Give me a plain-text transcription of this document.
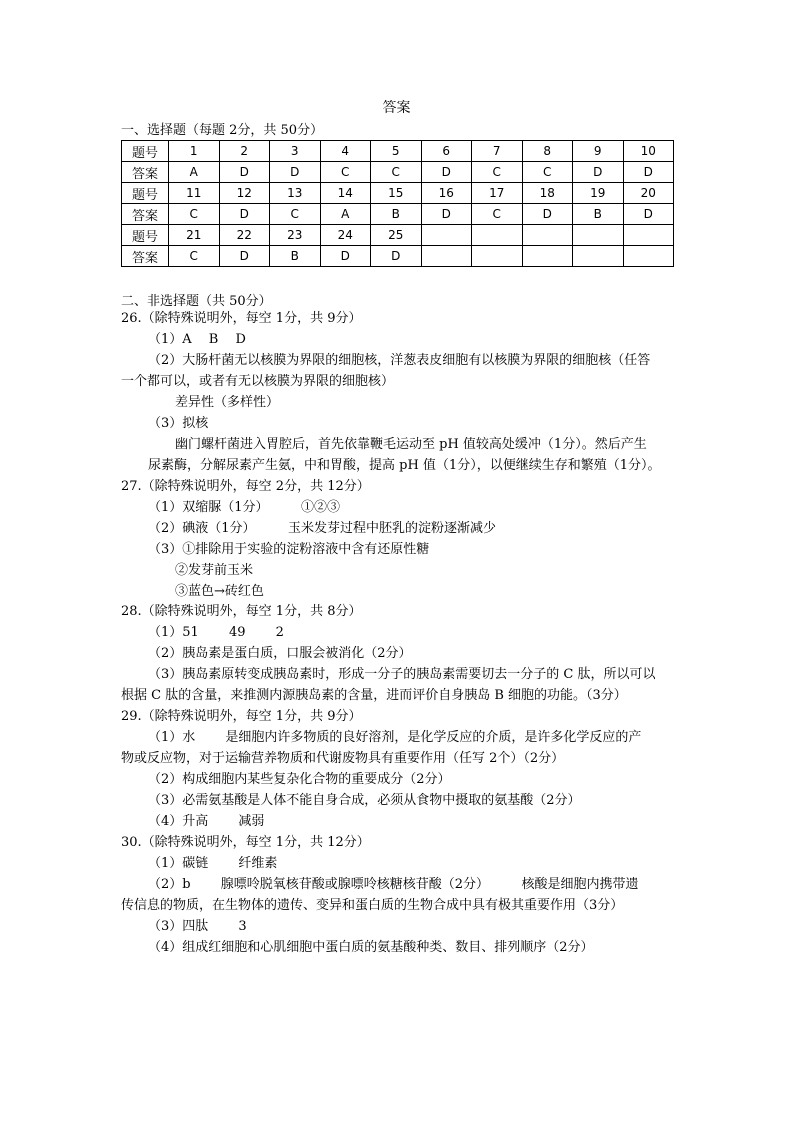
答案
一、选择题（每题 2分，共 50分）
题号	1	2	3	4	5	6	7	8	9	10
答案	A	D	D	C	C	D	C	C	D	D
题号	11	12	13	14	15	16	17	18	19	20
答案	C	D	C	A	B	D	C	D	B	D
题号	21	22	23	24	25					
答案	C	D	B	D	D					
二、非选择题（共 50分）
26.（除特殊说明外，每空 1分，共 9分）
（1）A　 B　 D
（2）大肠杆菌无以核膜为界限的细胞核，洋葱表皮细胞有以核膜为界限的细胞核（任答
一个都可以，或者有无以核膜为界限的细胞核）
差异性（多样性）
（3）拟核
幽门螺杆菌进入胃腔后，首先依靠鞭毛运动至 pH 值较高处缓冲（1分）。然后产生
尿素酶，分解尿素产生氨，中和胃酸，提高 pH 值（1分），以便继续生存和繁殖（1分）。
27.（除特殊说明外，每空 2分，共 12分）
（1）双缩脲（1分）　　　①②③
（2）碘液（1分）　　　玉米发芽过程中胚乳的淀粉逐渐减少
（3）①排除用于实验的淀粉溶液中含有还原性糖
②发芽前玉米
③蓝色→砖红色
28.（除特殊说明外，每空 1分，共 8分）
（1）51　　 49　　 2
（2）胰岛素是蛋白质，口服会被消化（2分）
（3）胰岛素原转变成胰岛素时，形成一分子的胰岛素需要切去一分子的 C 肽，所以可以
根据 C 肽的含量，来推测内源胰岛素的含量，进而评价自身胰岛 B 细胞的功能。（3分）
29.（除特殊说明外，每空 1分，共 9分）
（1）水　　 是细胞内许多物质的良好溶剂，是化学反应的介质，是许多化学反应的产
物或反应物，对于运输营养物质和代谢废物具有重要作用（任写 2个）（2分）
（2）构成细胞内某些复杂化合物的重要成分（2分）
（3）必需氨基酸是人体不能自身合成，必须从食物中摄取的氨基酸（2分）
（4）升高　　 减弱
30.（除特殊说明外，每空 1分，共 12分）
（1）碳链　　 纤维素
（2）b　　 腺嘌呤脱氧核苷酸或腺嘌呤核糖核苷酸（2分）　　　核酸是细胞内携带遗
传信息的物质，在生物体的遗传、变异和蛋白质的生物合成中具有极其重要作用（3分）
（3）四肽　　 3
（4）组成红细胞和心肌细胞中蛋白质的氨基酸种类、数目、排列顺序（2分）
